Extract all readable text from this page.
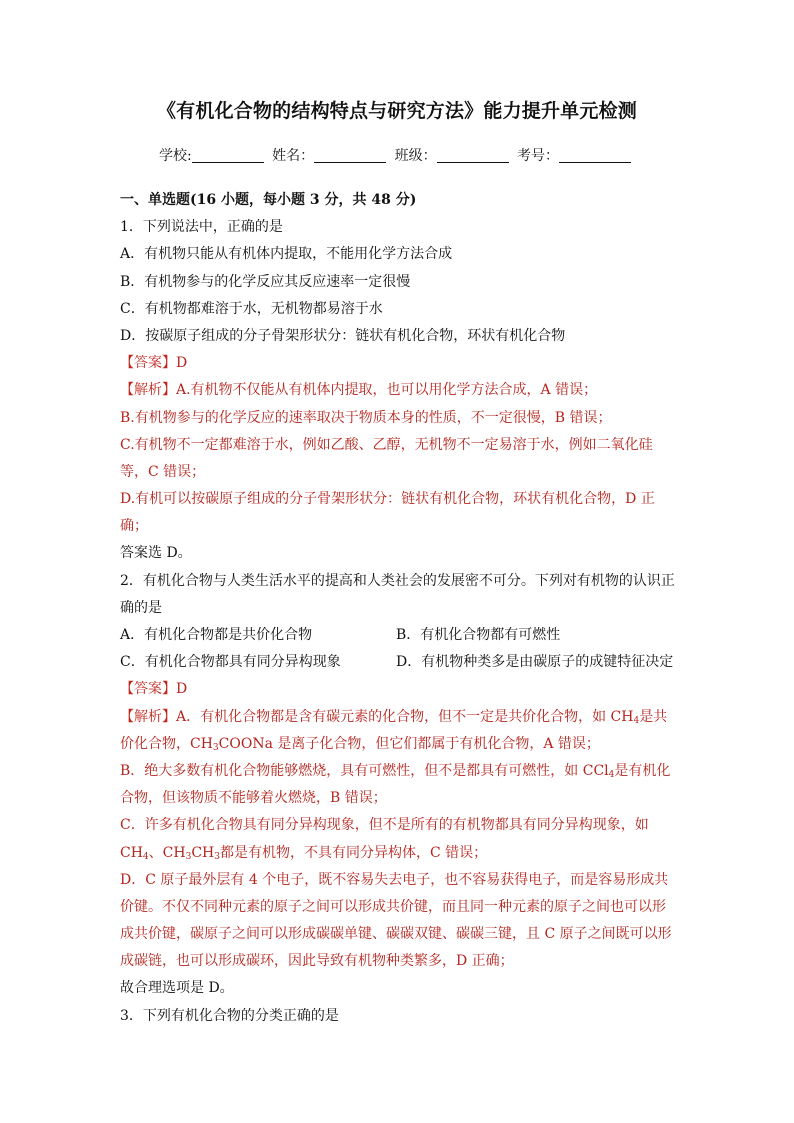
《有机化合物的结构特点与研究方法》能力提升单元检测
学校:	姓名：	班级：	考号：
一、单选题(16 小题，每小题 3 分，共 48 分)
1．下列说法中，正确的是
A．有机物只能从有机体内提取，不能用化学方法合成
B．有机物参与的化学反应其反应速率一定很慢
C．有机物都难溶于水，无机物都易溶于水
D．按碳原子组成的分子骨架形状分：链状有机化合物，环状有机化合物
【答案】D
【解析】A.有机物不仅能从有机体内提取，也可以用化学方法合成，A 错误；
B.有机物参与的化学反应的速率取决于物质本身的性质，不一定很慢，B 错误；
C.有机物不一定都难溶于水，例如乙酸、乙醇，无机物不一定易溶于水，例如二氧化硅
等，C 错误；
D.有机可以按碳原子组成的分子骨架形状分：链状有机化合物，环状有机化合物，D 正
确；
答案选 D。
2．有机化合物与人类生活水平的提高和人类社会的发展密不可分。下列对有机物的认识正
确的是
A．有机化合物都是共价化合物	B．有机化合物都有可燃性
C．有机化合物都具有同分异构现象	D．有机物种类多是由碳原子的成键特征决定
【答案】D
【解析】A．有机化合物都是含有碳元素的化合物，但不一定是共价化合物，如 $CH_4$是共
价化合物，$CH_3COONa$ 是离子化合物，但它们都属于有机化合物，A 错误；
B．绝大多数有机化合物能够燃烧，具有可燃性，但不是都具有可燃性，如 CCl$_4$是有机化
合物，但该物质不能够着火燃烧，B 错误；
C．许多有机化合物具有同分异构现象，但不是所有的有机物都具有同分异构现象，如
$CH_4$、$CH_3CH_3$都是有机物，不具有同分异构体，C 错误；
D．C 原子最外层有 4 个电子，既不容易失去电子，也不容易获得电子，而是容易形成共
价键。不仅不同种元素的原子之间可以形成共价键，而且同一种元素的原子之间也可以形
成共价键，碳原子之间可以形成碳碳单键、碳碳双键、碳碳三键，且 C 原子之间既可以形
成碳链，也可以形成碳环，因此导致有机物种类繁多，D 正确；
故合理选项是 D。
3．下列有机化合物的分类正确的是
